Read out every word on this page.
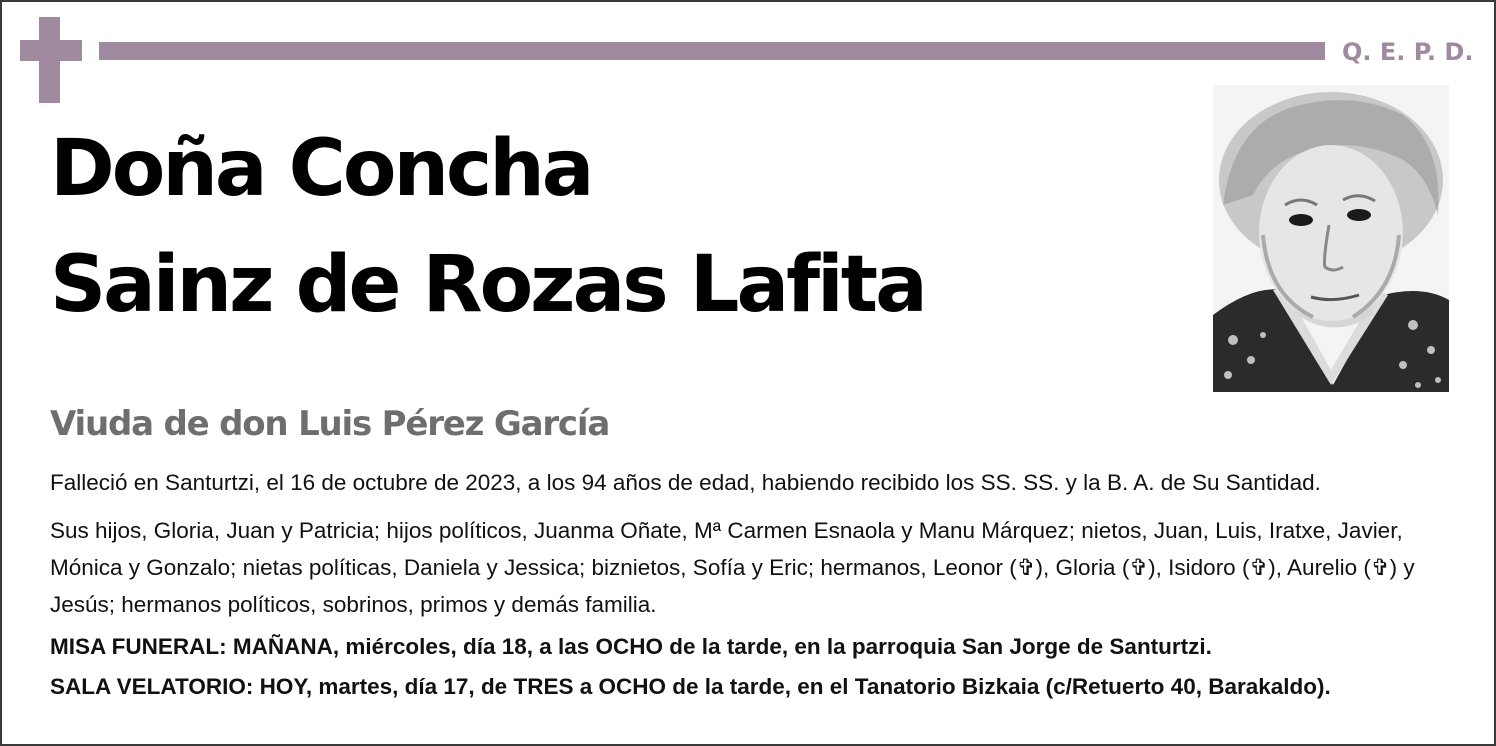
Q. E. P. D.
Doña Concha
Sainz de Rozas Lafita
Viuda de don Luis Pérez García
Falleció en Santurtzi, el 16 de octubre de 2023, a los 94 años de edad, habiendo recibido los SS. SS. y la B. A. de Su Santidad.
Sus hijos, Gloria, Juan y Patricia; hijos políticos, Juanma Oñate, Mª Carmen Esnaola y Manu Márquez; nietos, Juan, Luis, Iratxe, Javier, Mónica y Gonzalo; nietas políticas, Daniela y Jessica; biznietos, Sofía y Eric; hermanos, Leonor (✞), Gloria (✞), Isidoro (✞), Aurelio (✞) y Jesús; hermanos políticos, sobrinos, primos y demás familia.
MISA FUNERAL: MAÑANA, miércoles, día 18, a las OCHO de la tarde, en la parroquia San Jorge de Santurtzi.
SALA VELATORIO: HOY, martes, día 17, de TRES a OCHO de la tarde, en el Tanatorio Bizkaia (c/Retuerto 40, Barakaldo).
